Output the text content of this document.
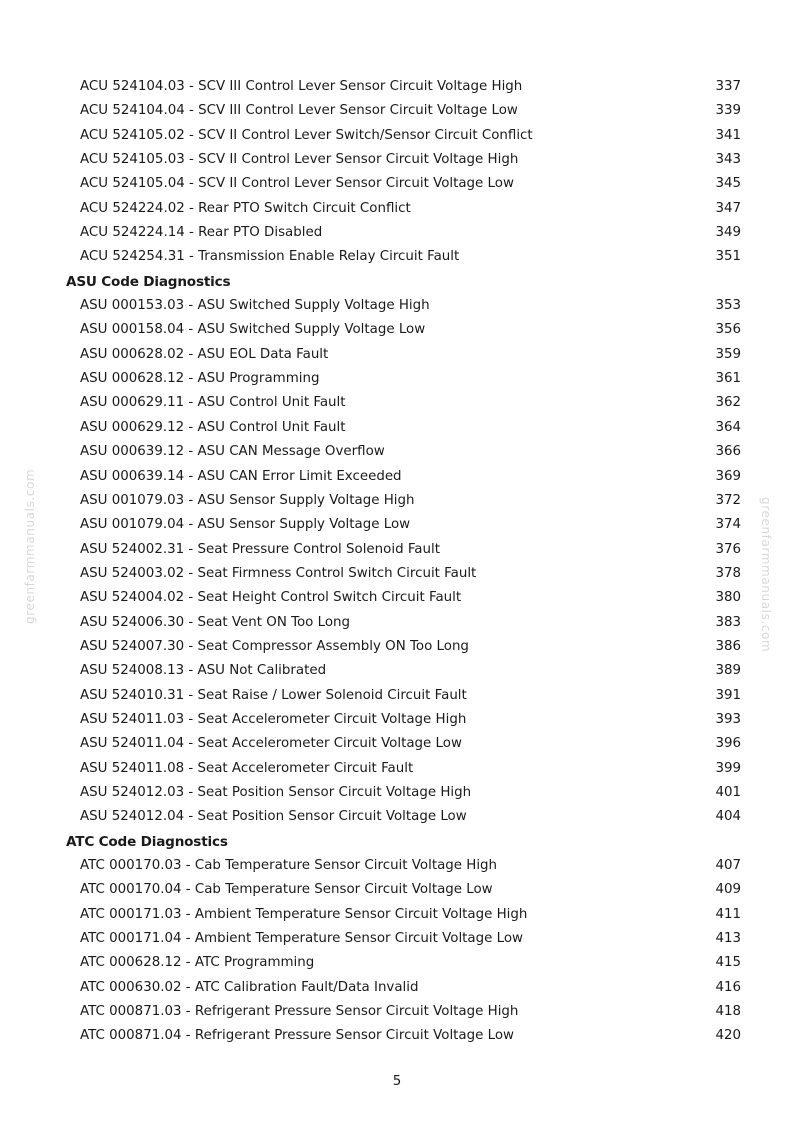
ACU 524104.03 - SCV III Control Lever Sensor Circuit Voltage High	337
ACU 524104.04 - SCV III Control Lever Sensor Circuit Voltage Low	339
ACU 524105.02 - SCV II Control Lever Switch/Sensor Circuit Conflict	341
ACU 524105.03 - SCV II Control Lever Sensor Circuit Voltage High	343
ACU 524105.04 - SCV II Control Lever Sensor Circuit Voltage Low	345
ACU 524224.02 - Rear PTO Switch Circuit Conflict	347
ACU 524224.14 - Rear PTO Disabled	349
ACU 524254.31 - Transmission Enable Relay Circuit Fault	351
ASU Code Diagnostics
ASU 000153.03 - ASU Switched Supply Voltage High	353
ASU 000158.04 - ASU Switched Supply Voltage Low	356
ASU 000628.02 - ASU EOL Data Fault	359
ASU 000628.12 - ASU Programming	361
ASU 000629.11 - ASU Control Unit Fault	362
ASU 000629.12 - ASU Control Unit Fault	364
ASU 000639.12 - ASU CAN Message Overflow	366
ASU 000639.14 - ASU CAN Error Limit Exceeded	369
ASU 001079.03 - ASU Sensor Supply Voltage High	372
ASU 001079.04 - ASU Sensor Supply Voltage Low	374
ASU 524002.31 - Seat Pressure Control Solenoid Fault	376
ASU 524003.02 - Seat Firmness Control Switch Circuit Fault	378
ASU 524004.02 - Seat Height Control Switch Circuit Fault	380
ASU 524006.30 - Seat Vent ON Too Long	383
ASU 524007.30 - Seat Compressor Assembly ON Too Long	386
ASU 524008.13 - ASU Not Calibrated	389
ASU 524010.31 - Seat Raise / Lower Solenoid Circuit Fault	391
ASU 524011.03 - Seat Accelerometer Circuit Voltage High	393
ASU 524011.04 - Seat Accelerometer Circuit Voltage Low	396
ASU 524011.08 - Seat Accelerometer Circuit Fault	399
ASU 524012.03 - Seat Position Sensor Circuit Voltage High	401
ASU 524012.04 - Seat Position Sensor Circuit Voltage Low	404
ATC Code Diagnostics
ATC 000170.03 - Cab Temperature Sensor Circuit Voltage High	407
ATC 000170.04 - Cab Temperature Sensor Circuit Voltage Low	409
ATC 000171.03 - Ambient Temperature Sensor Circuit Voltage High	411
ATC 000171.04 - Ambient Temperature Sensor Circuit Voltage Low	413
ATC 000628.12 - ATC Programming	415
ATC 000630.02 - ATC Calibration Fault/Data Invalid	416
ATC 000871.03 - Refrigerant Pressure Sensor Circuit Voltage High	418
ATC 000871.04 - Refrigerant Pressure Sensor Circuit Voltage Low	420
greenfarmmanuals.com	greenfarmmanuals.com
5
